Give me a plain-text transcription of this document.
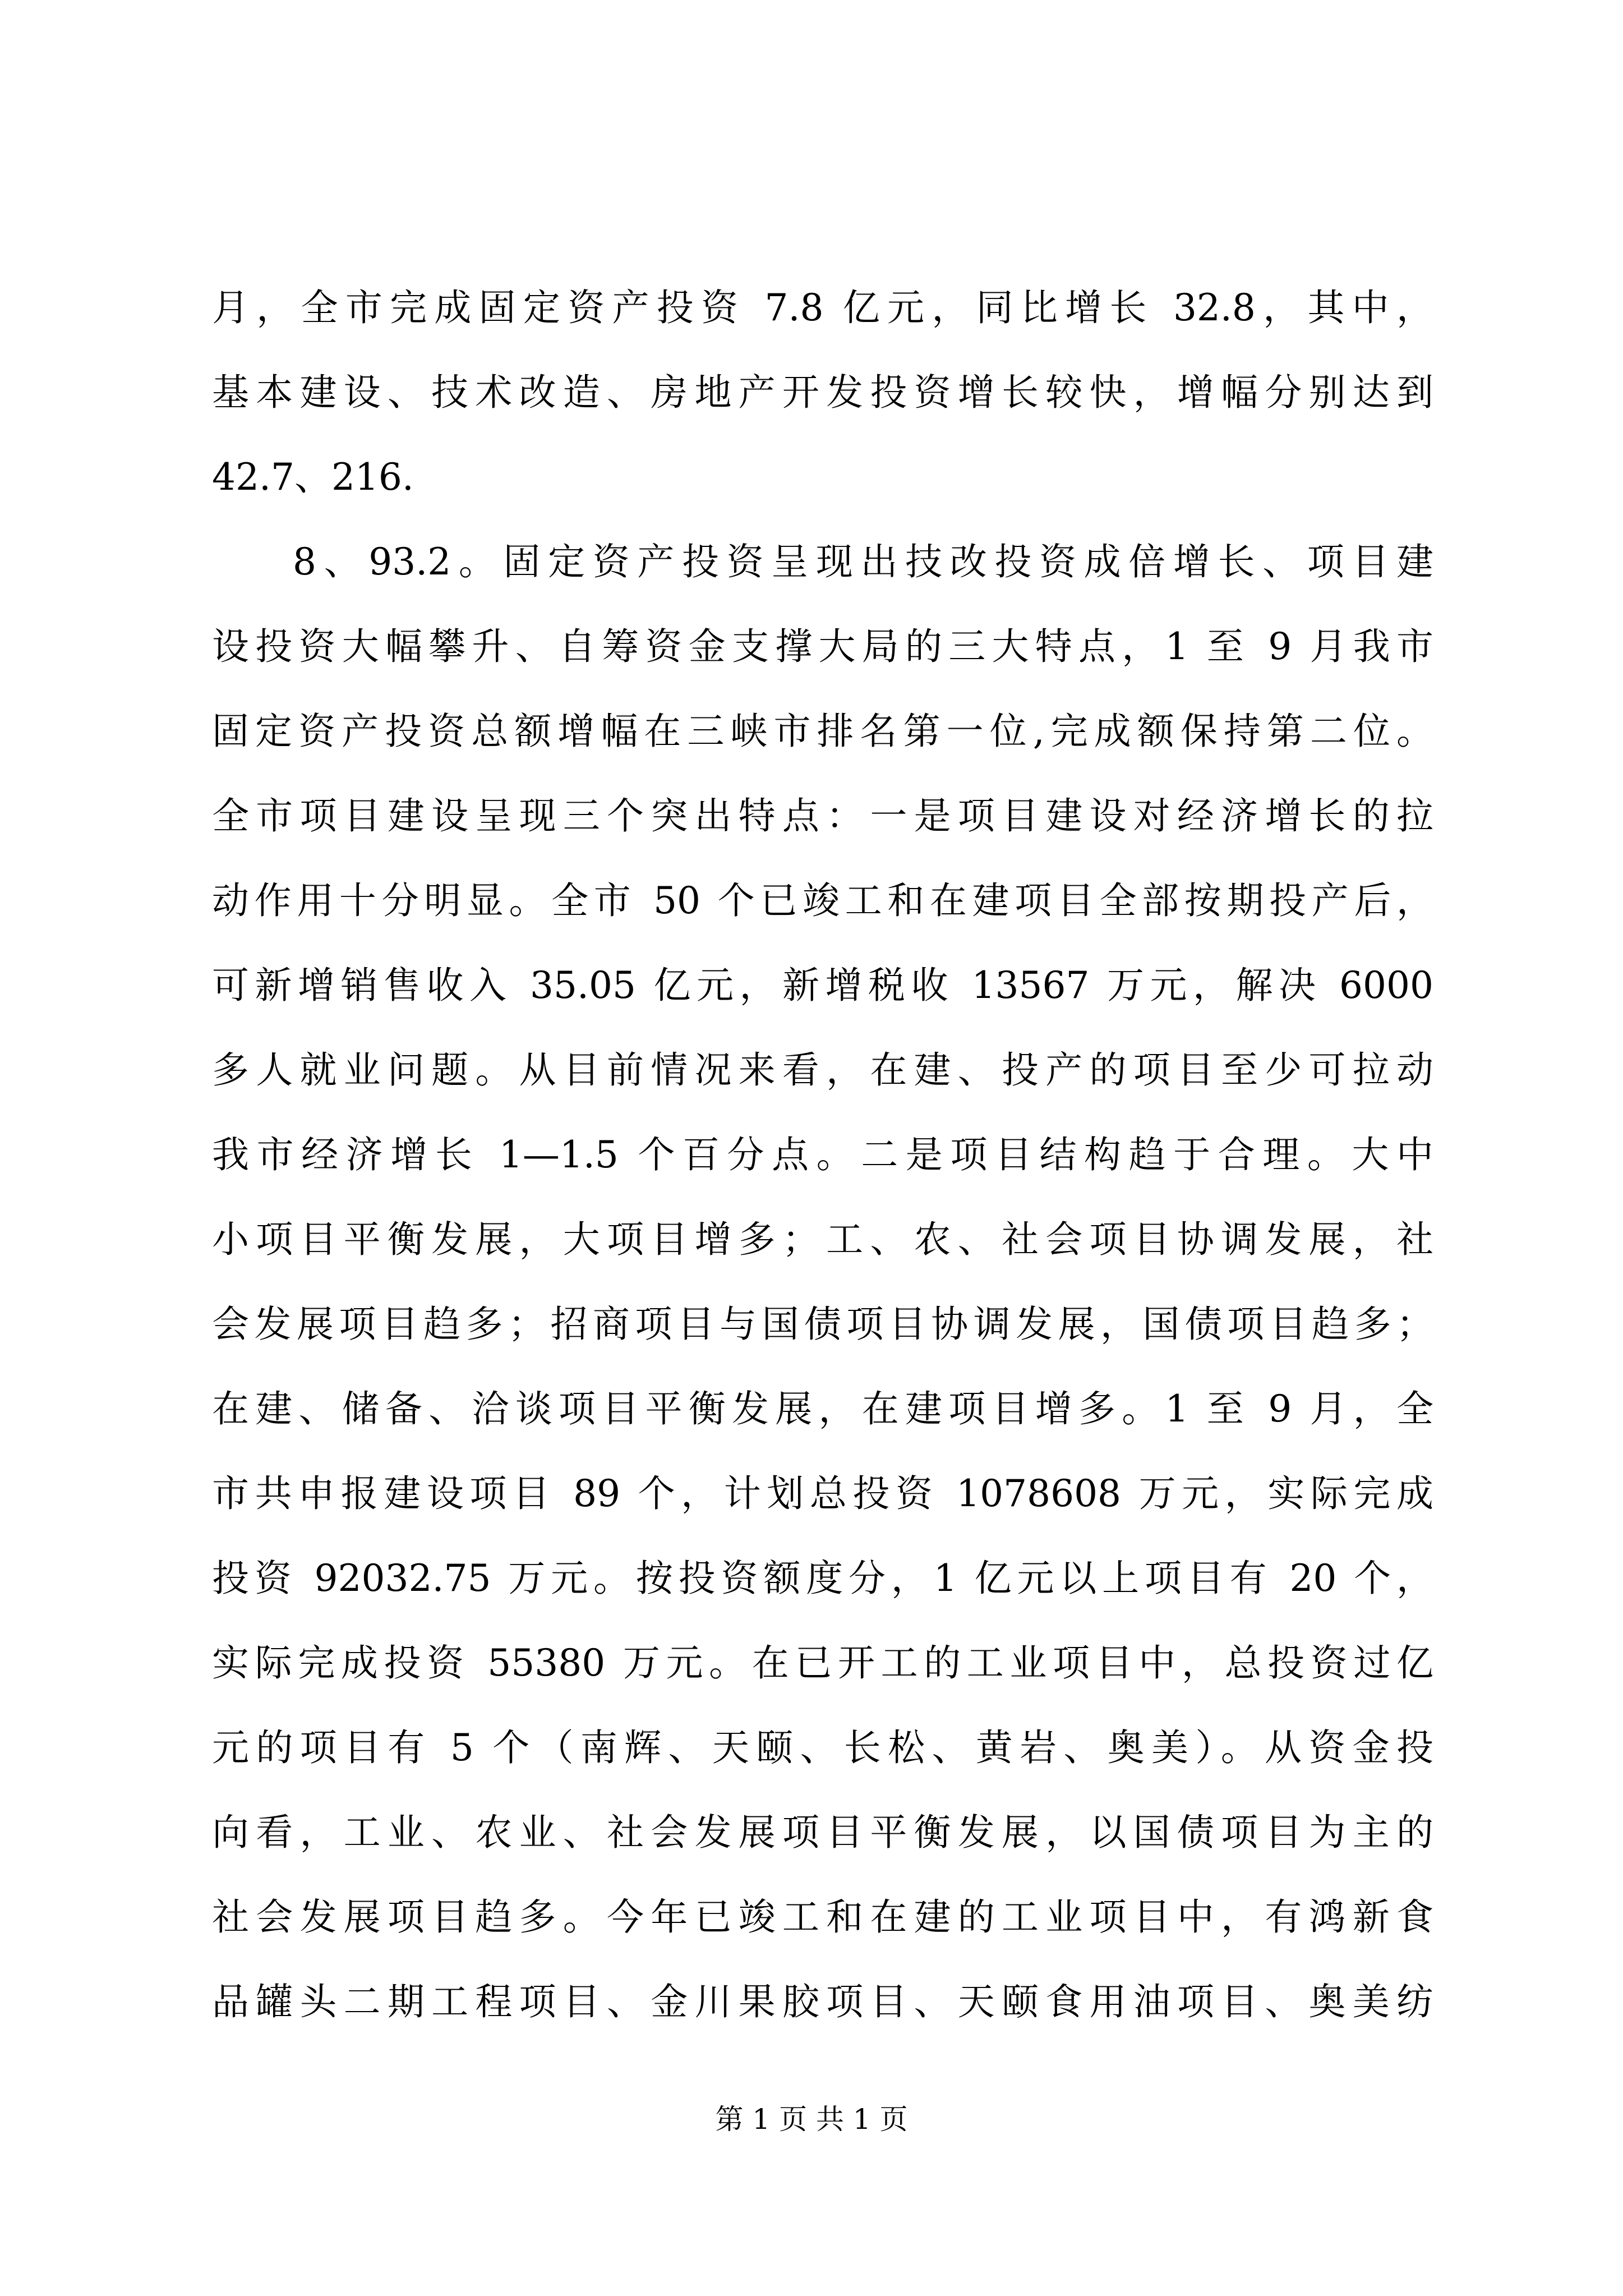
月，全市完成固定资产投资 7.8 亿元，同比增长 32.8，其中，
基本建设、技术改造、房地产开发投资增长较快，增幅分别达到
42.7、216.
8、93.2。固定资产投资呈现出技改投资成倍增长、项目建
设投资大幅攀升、自筹资金支撑大局的三大特点，1 至 9 月我市
固定资产投资总额增幅在三峡市排名第一位,完成额保持第二位。
全市项目建设呈现三个突出特点：一是项目建设对经济增长的拉
动作用十分明显。全市 50 个已竣工和在建项目全部按期投产后，
可新增销售收入 35.05 亿元，新增税收 13567 万元，解决 6000
多人就业问题。从目前情况来看，在建、投产的项目至少可拉动
我市经济增长 1—1.5 个百分点。二是项目结构趋于合理。大中
小项目平衡发展，大项目增多；工、农、社会项目协调发展，社
会发展项目趋多；招商项目与国债项目协调发展，国债项目趋多；
在建、储备、洽谈项目平衡发展，在建项目增多。1 至 9 月，全
市共申报建设项目 89 个，计划总投资 1078608 万元，实际完成
投资 92032.75 万元。按投资额度分，1 亿元以上项目有 20 个，
实际完成投资 55380 万元。在已开工的工业项目中，总投资过亿
元的项目有 5 个（南辉、天颐、长松、黄岩、奥美）。从资金投
向看，工业、农业、社会发展项目平衡发展，以国债项目为主的
社会发展项目趋多。今年已竣工和在建的工业项目中，有鸿新食
品罐头二期工程项目、金川果胶项目、天颐食用油项目、奥美纺
第 1 页 共 1 页
